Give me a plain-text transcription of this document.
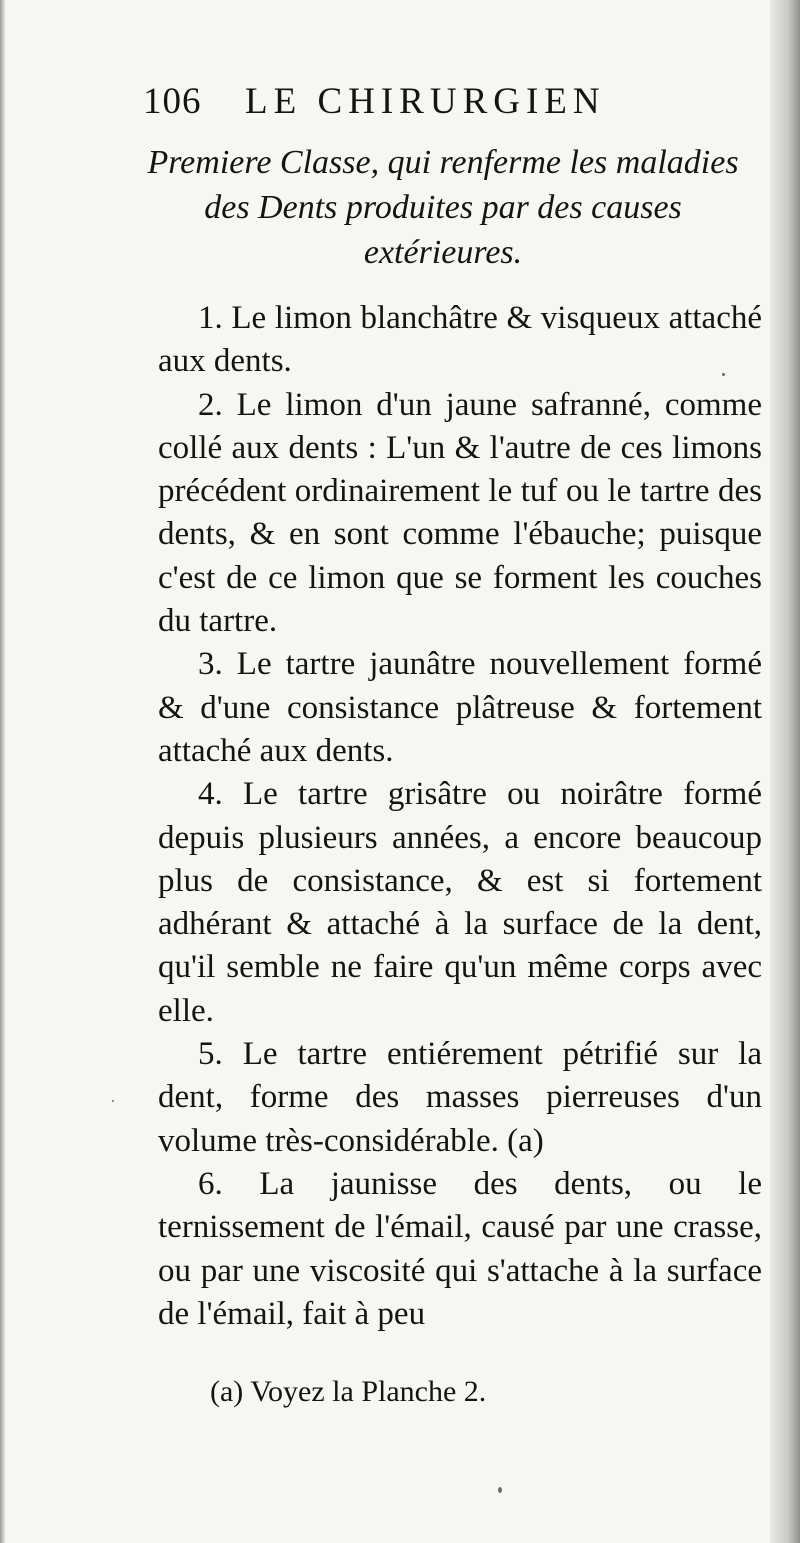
106 LE CHIRURGIEN
Premiere Classe, qui renferme les maladies des Dents produites par des causes extérieures.

1. Le limon blanchâtre & visqueux attaché aux dents.

2. Le limon d'un jaune safranné, comme collé aux dents : L'un & l'autre de ces limons précédent ordinairement le tuf ou le tartre des dents, & en sont comme l'ébauche; puisque c'est de ce limon que se forment les couches du tartre.

3. Le tartre jaunâtre nouvellement formé & d'une consistance plâtreuse & fortement attaché aux dents.

4. Le tartre grisâtre ou noirâtre formé depuis plusieurs années, a encore beaucoup plus de consistance, & est si fortement adhérant & attaché à la surface de la dent, qu'il semble ne faire qu'un même corps avec elle.

5. Le tartre entiérement pétrifié sur la dent, forme des masses pierreuses d'un volume très-considérable. (a)

6. La jaunisse des dents, ou le ternissement de l'émail, causé par une crasse, ou par une viscosité qui s'attache à la surface de l'émail, fait à peu

(a) Voyez la Planche 2.
